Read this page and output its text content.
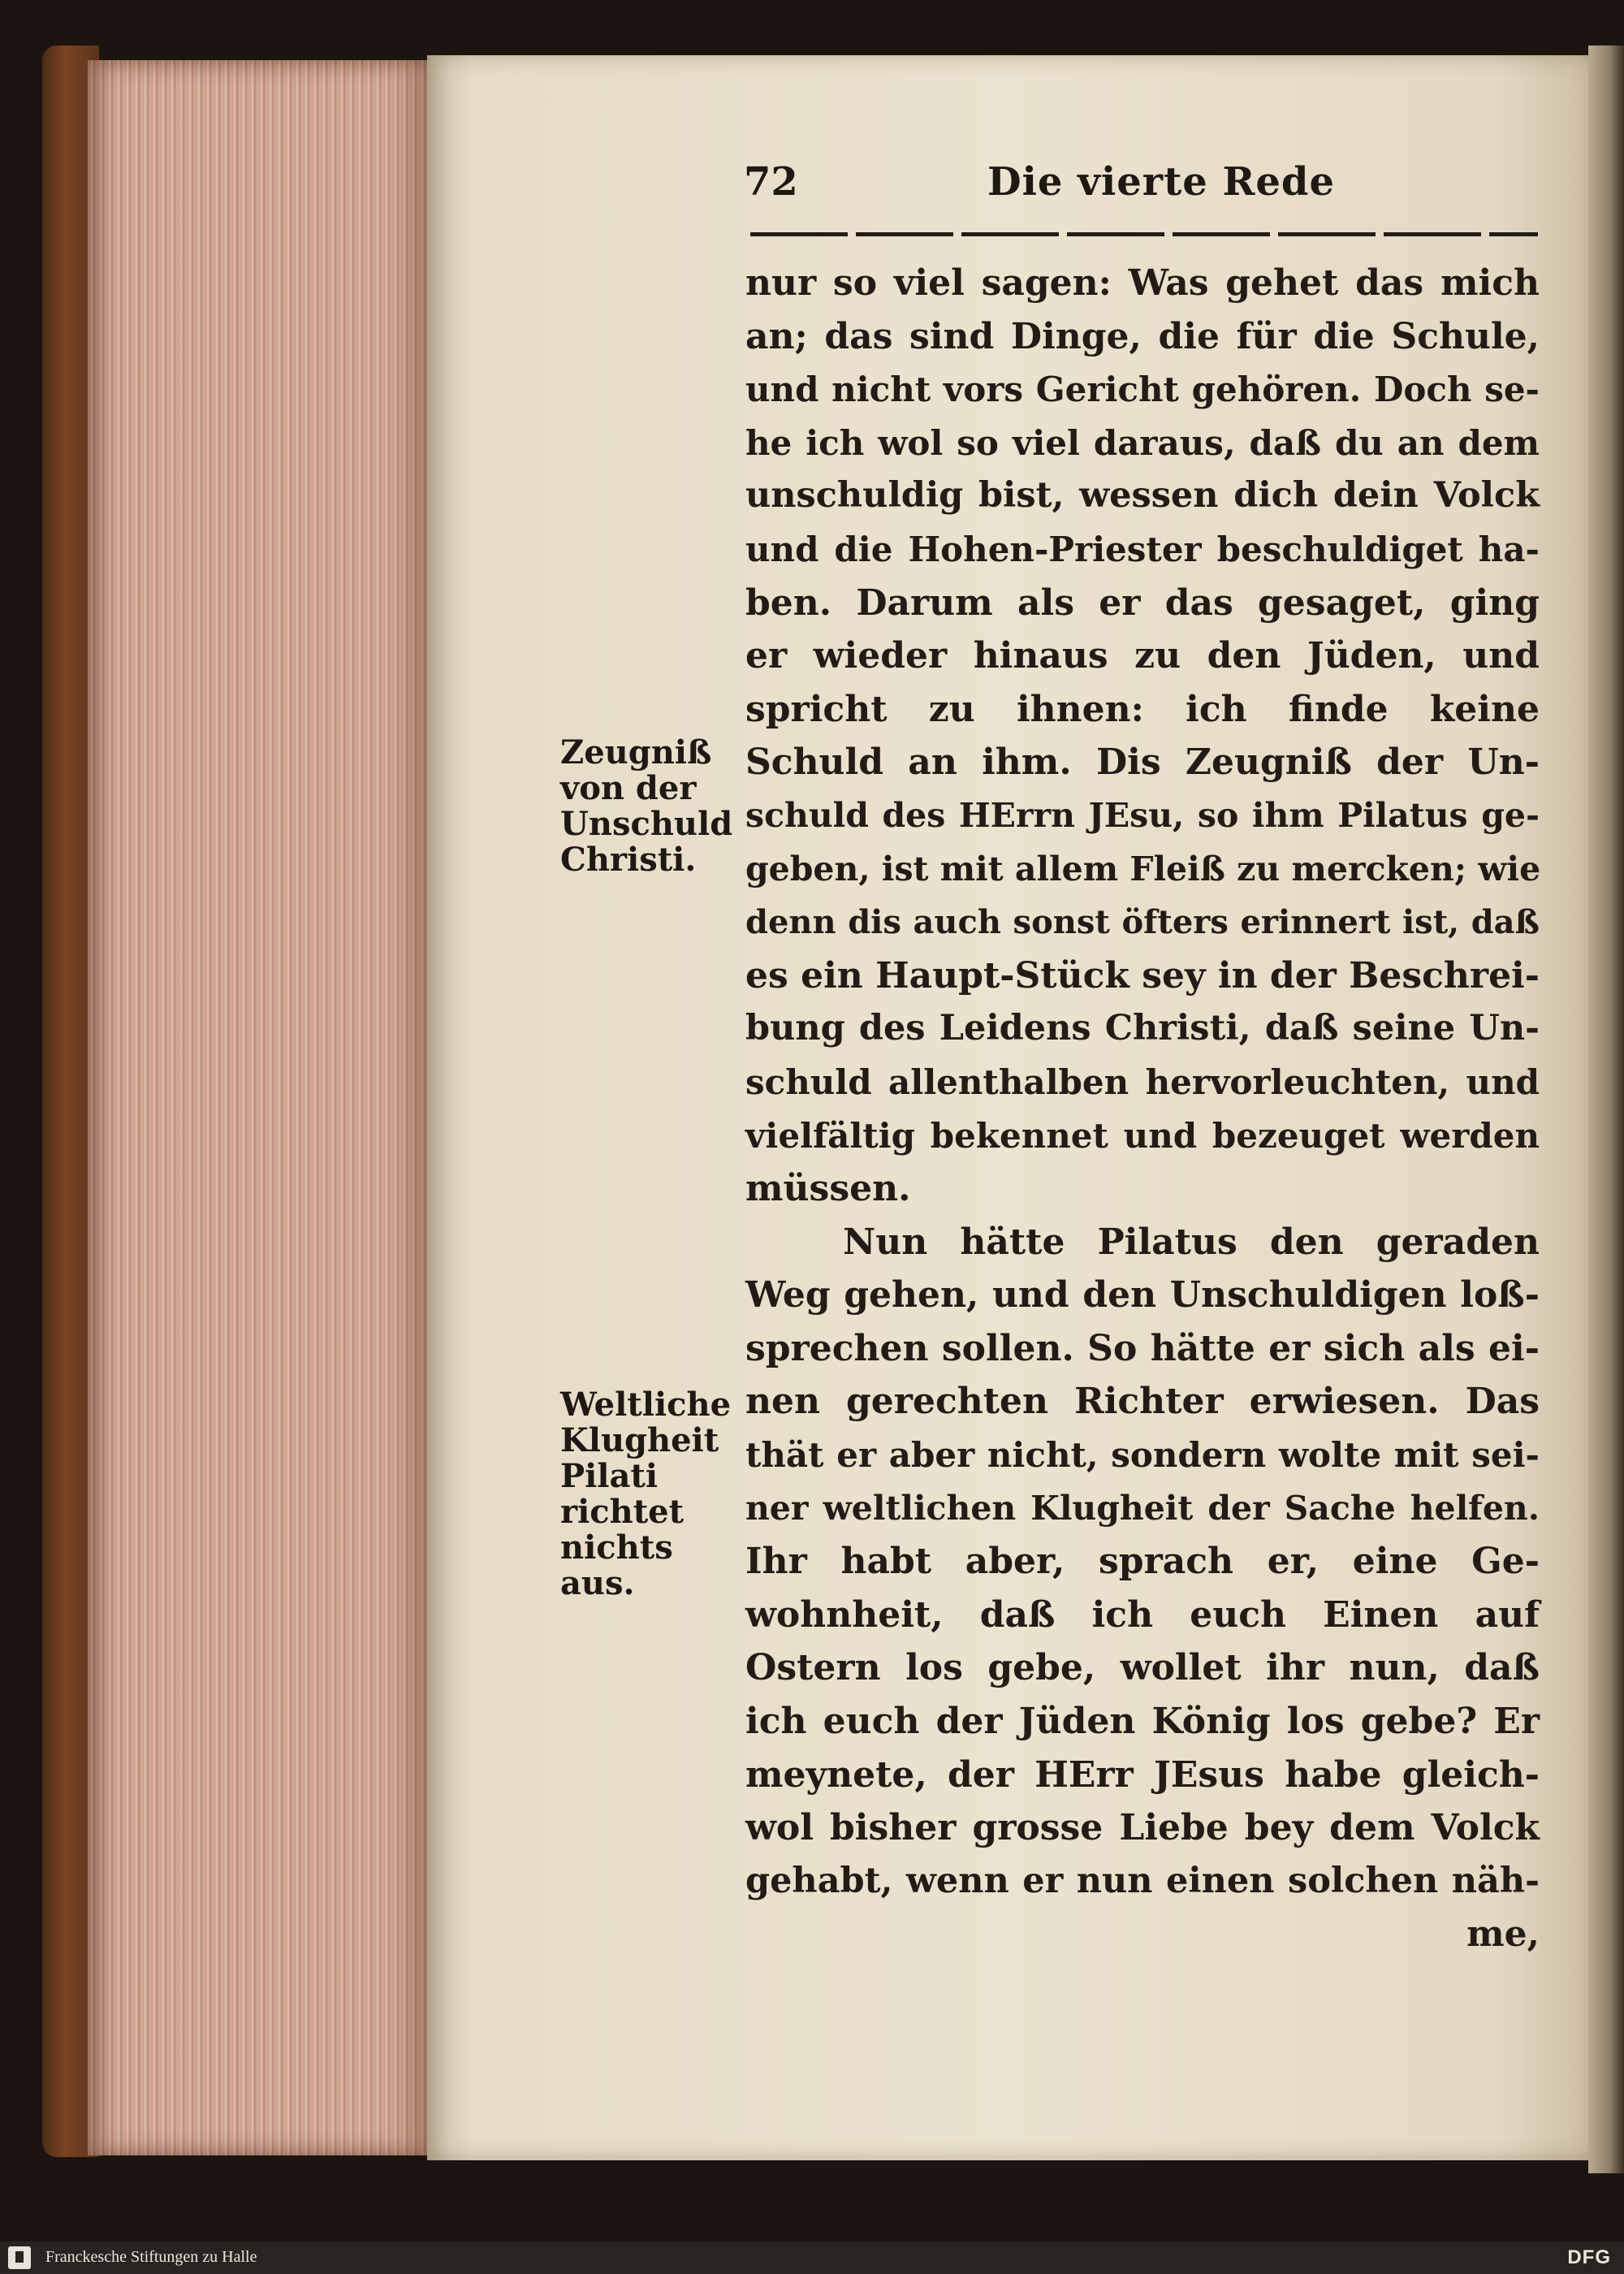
72	Die vierte Rede
nur so viel sagen: Was gehet das mich
an; das sind Dinge, die für die Schule,
und nicht vors Gericht gehören. Doch se-
he ich wol so viel daraus, daß du an dem
unschuldig bist, wessen dich dein Volck
und die Hohen-Priester beschuldiget ha-
ben. Darum als er das gesaget, ging
er wieder hinaus zu den Jüden, und
spricht zu ihnen: ich finde keine
Schuld an ihm. Dis Zeugniß der Un-
schuld des HErrn JEsu, so ihm Pilatus ge-
geben, ist mit allem Fleiß zu mercken; wie
denn dis auch sonst öfters erinnert ist, daß
es ein Haupt-Stück sey in der Beschrei-
bung des Leidens Christi, daß seine Un-
schuld allenthalben hervorleuchten, und
vielfältig bekennet und bezeuget werden
müssen.
Nun hätte Pilatus den geraden
Weg gehen, und den Unschuldigen loß-
sprechen sollen. So hätte er sich als ei-
nen gerechten Richter erwiesen. Das
thät er aber nicht, sondern wolte mit sei-
ner weltlichen Klugheit der Sache helfen.
Ihr habt aber, sprach er, eine Ge-
wohnheit, daß ich euch Einen auf
Ostern los gebe, wollet ihr nun, daß
ich euch der Jüden König los gebe? Er
meynete, der HErr JEsus habe gleich-
wol bisher grosse Liebe bey dem Volck
gehabt, wenn er nun einen solchen näh-
me,
Zeugniß
von der
Unschuld
Christi.
Weltliche
Klugheit
Pilati
richtet
nichts
aus.
Franckesche Stiftungen zu Halle	DFG
